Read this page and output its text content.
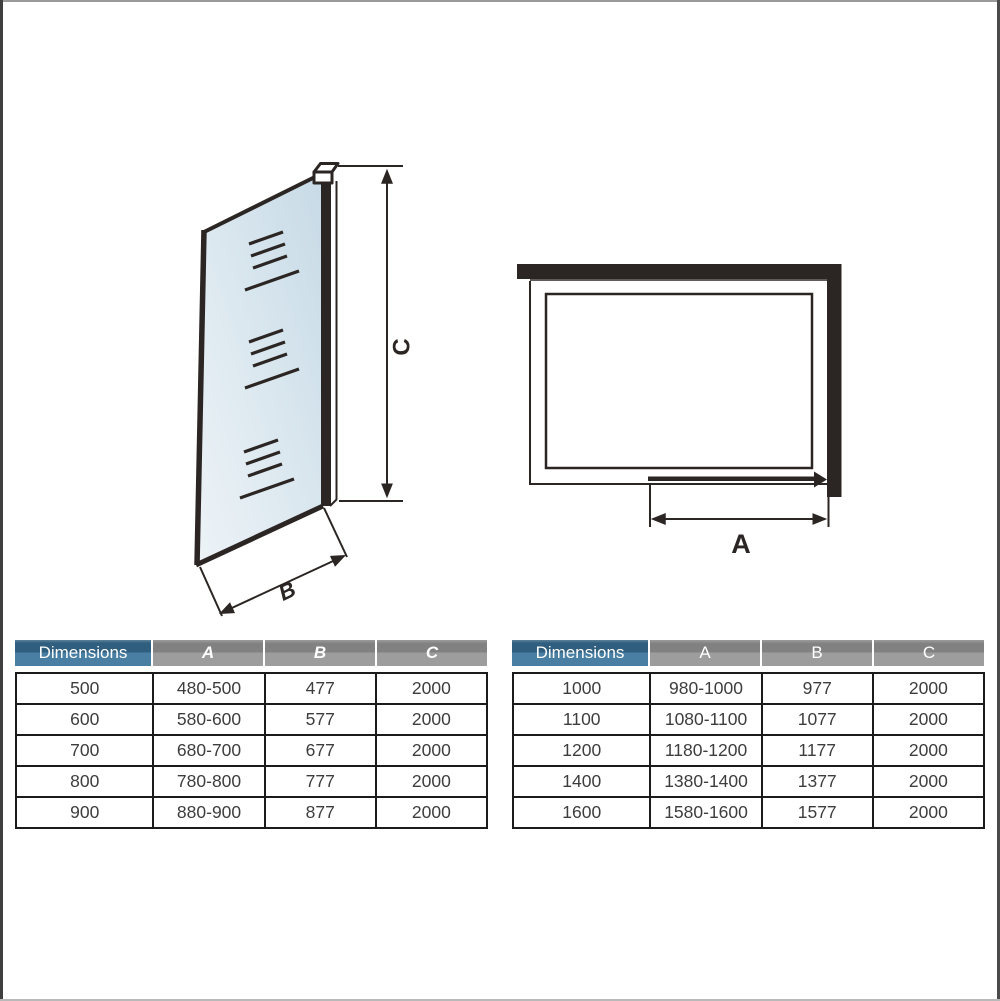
C
B
A
Dimensions	A	B	C
500	480-500	477	2000
600	580-600	577	2000
700	680-700	677	2000
800	780-800	777	2000
900	880-900	877	2000
Dimensions	A	B	C
1000	980-1000	977	2000
1100	1080-1100	1077	2000
1200	1180-1200	1177	2000
1400	1380-1400	1377	2000
1600	1580-1600	1577	2000
